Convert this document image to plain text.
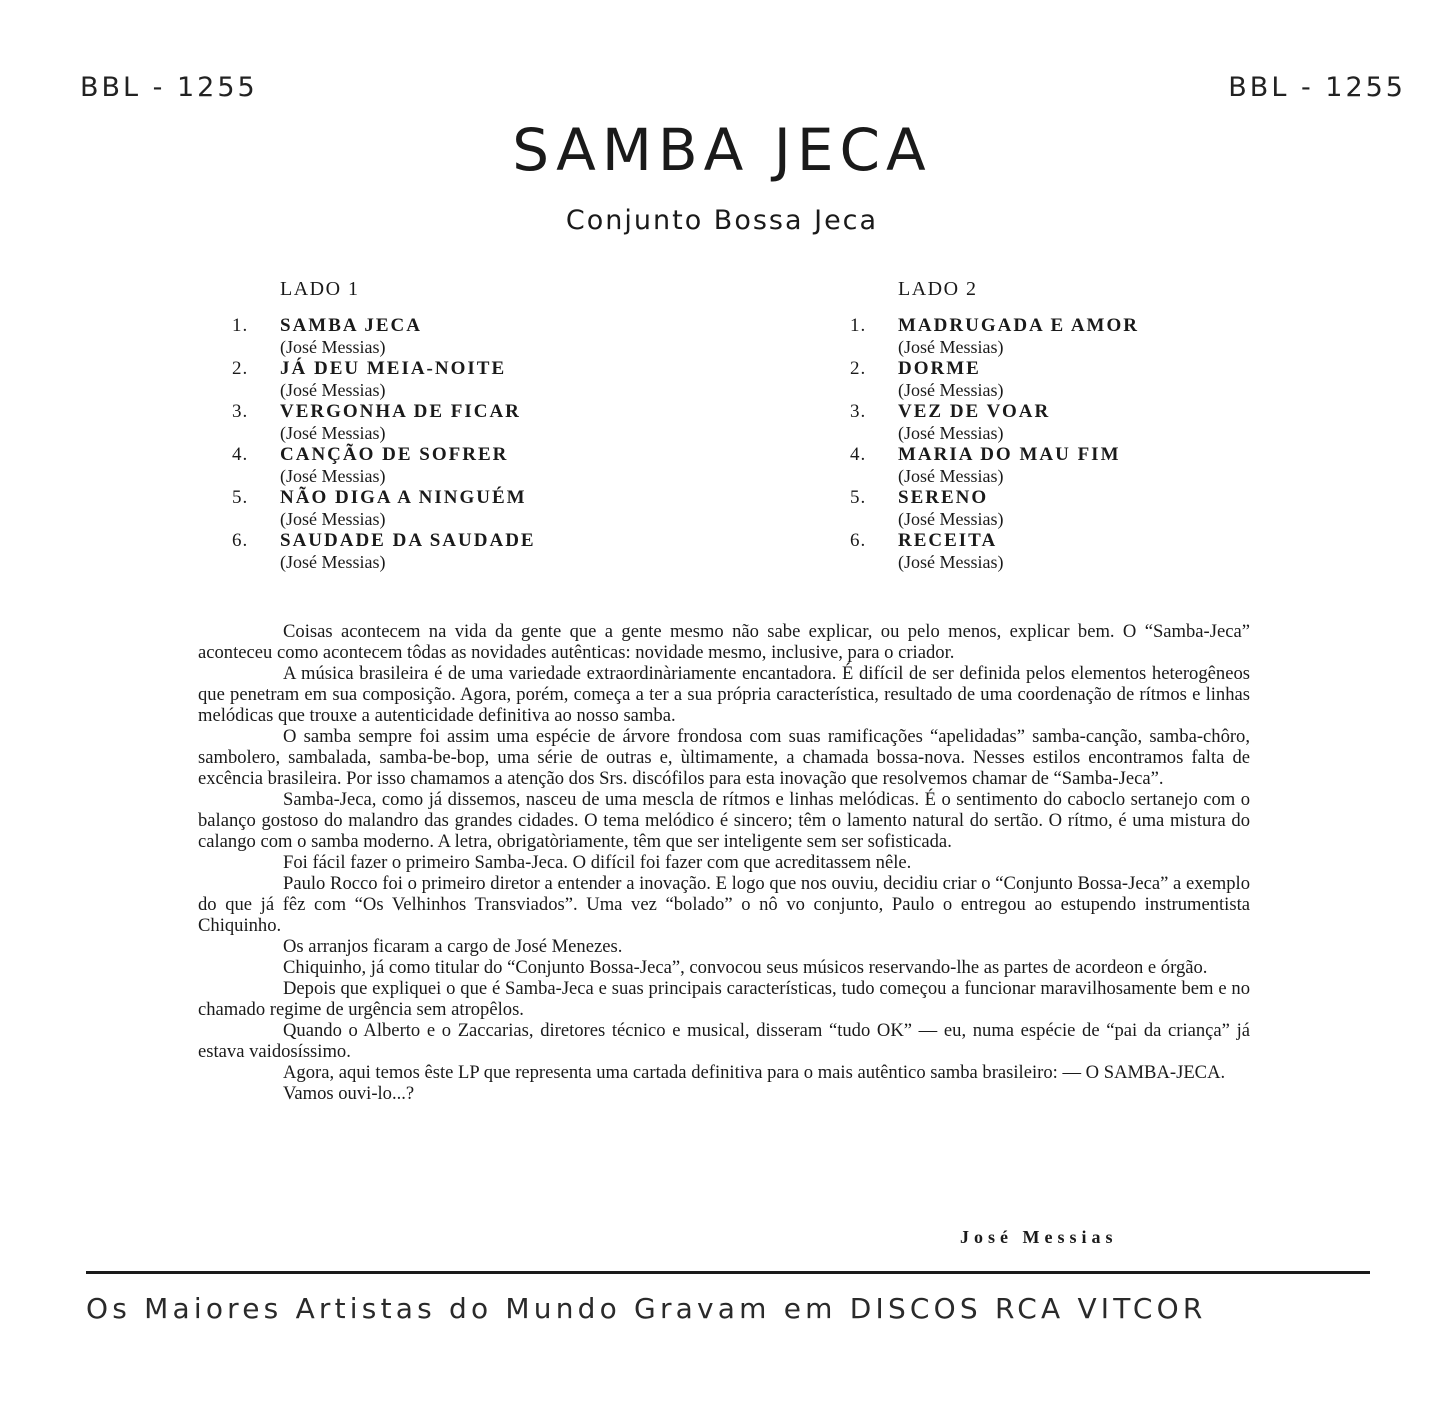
BBL - 1255	BBL - 1255
SAMBA JECA
Conjunto Bossa Jeca
LADO 1
1.	SAMBA JECA
(José Messias)
2.	JÁ DEU MEIA-NOITE
(José Messias)
3.	VERGONHA DE FICAR
(José Messias)
4.	CANÇÃO DE SOFRER
(José Messias)
5.	NÃO DIGA A NINGUÉM
(José Messias)
6.	SAUDADE DA SAUDADE
(José Messias)
LADO 2
1.	MADRUGADA E AMOR
(José Messias)
2.	DORME
(José Messias)
3.	VEZ DE VOAR
(José Messias)
4.	MARIA DO MAU FIM
(José Messias)
5.	SERENO
(José Messias)
6.	RECEITA
(José Messias)

Coisas acontecem na vida da gente que a gente mesmo não sabe explicar, ou pelo menos, explicar bem. O “Samba-Jeca” aconteceu como acontecem tôdas as novidades autênticas: novidade mesmo, inclusive, para o criador.

A música brasileira é de uma variedade extraordinàriamente encantadora. É difícil de ser definida pelos elementos heterogêneos que penetram em sua composição. Agora, porém, começa a ter a sua própria característica, resultado de uma coordenação de rítmos e linhas melódicas que trouxe a autenticidade definitiva ao nosso samba.

O samba sempre foi assim uma espécie de árvore frondosa com suas ramificações “apelidadas” samba-canção, samba-chôro, sambolero, sambalada, samba-be-bop, uma série de outras e, ùltimamente, a chamada bossa-nova. Nesses estilos encontramos falta de excência brasileira. Por isso chamamos a atenção dos Srs. discófilos para esta inovação que resolvemos chamar de “Samba-Jeca”.

Samba-Jeca, como já dissemos, nasceu de uma mescla de rítmos e linhas melódicas. É o sentimento do caboclo sertanejo com o balanço gostoso do malandro das grandes cidades. O tema melódico é sincero; têm o lamento natural do sertão. O rítmo, é uma mistura do calango com o samba moderno. A letra, obrigatòriamente, têm que ser inteligente sem ser sofisticada.

Foi fácil fazer o primeiro Samba-Jeca. O difícil foi fazer com que acreditassem nêle.

Paulo Rocco foi o primeiro diretor a entender a inovação. E logo que nos ouviu, decidiu criar o “Conjunto Bossa-Jeca” a exemplo do que já fêz com “Os Velhinhos Transviados”. Uma vez “bolado” o nô vo conjunto, Paulo o entregou ao estupendo instrumentista Chiquinho.

Os arranjos ficaram a cargo de José Menezes.

Chiquinho, já como titular do “Conjunto Bossa-Jeca”, convocou seus músicos reservando-lhe as partes de acordeon e órgão.

Depois que expliquei o que é Samba-Jeca e suas principais características, tudo começou a funcionar maravilhosamente bem e no chamado regime de urgência sem atropêlos.

Quando o Alberto e o Zaccarias, diretores técnico e musical, disseram “tudo OK” — eu, numa espécie de “pai da criança” já estava vaidosíssimo.

Agora, aqui temos êste LP que representa uma cartada definitiva para o mais autêntico samba brasileiro: — O SAMBA-JECA.

Vamos ouvi-lo...?

José Messias
Os Maiores Artistas do Mundo Gravam em DISCOS RCA VITCOR
